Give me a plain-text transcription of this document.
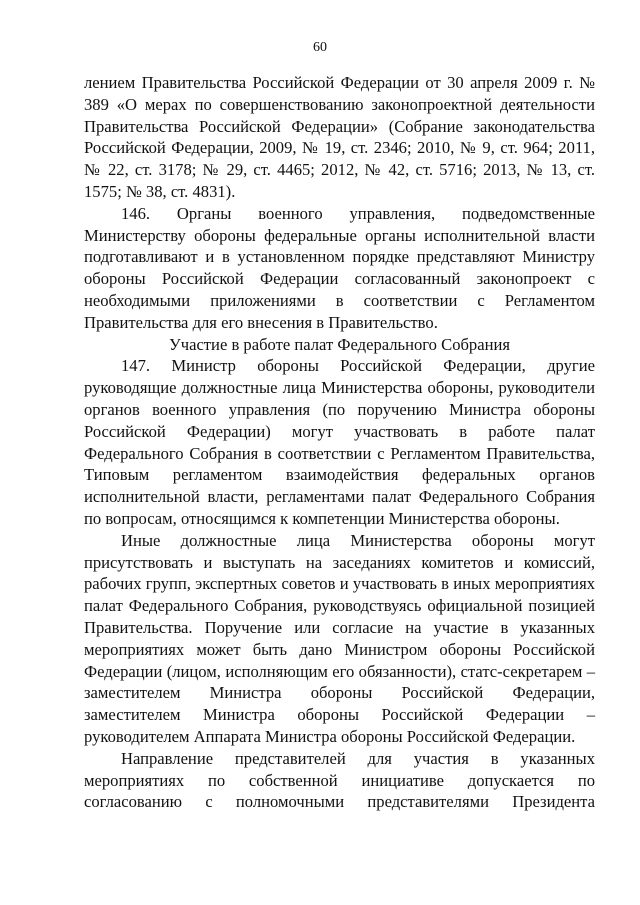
60

лением Правительства Российской Федерации от 30 апреля 2009 г. № 389 «О мерах по совершенствованию законопроектной деятельности Правительства Российской Федерации» (Собрание законодательства Российской Федерации, 2009, № 19, ст. 2346; 2010, № 9, ст. 964; 2011, № 22, ст. 3178; № 29, ст. 4465; 2012, № 42, ст. 5716; 2013, № 13, ст. 1575; № 38, ст. 4831).

146. Органы военного управления, подведомственные Министерству обороны федеральные органы исполнительной власти подготавливают и в установленном порядке представляют Министру обороны Российской Федерации согласованный законопроект с необходимыми приложениями в соответствии с Регламентом Правительства для его внесения в Правительство.

Участие в работе палат Федерального Собрания

147. Министр обороны Российской Федерации, другие руководящие должностные лица Министерства обороны, руководители органов военного управления (по поручению Министра обороны Российской Федерации) могут участвовать в работе палат Федерального Собрания в соответствии с Регламентом Правительства, Типовым регламентом взаимодействия федеральных органов исполнительной власти, регламентами палат Федерального Собрания по вопросам, относящимся к компетенции Министерства обороны.

Иные должностные лица Министерства обороны могут присутствовать и выступать на заседаниях комитетов и комиссий, рабочих групп, экспертных советов и участвовать в иных мероприятиях палат Федерального Собрания, руководствуясь официальной позицией Правительства. Поручение или согласие на участие в указанных мероприятиях может быть дано Министром обороны Российской Федерации (лицом, исполняющим его обязанности), статс-секретарем – заместителем Министра обороны Российской Федерации, заместителем Министра обороны Российской Федерации – руководителем Аппарата Министра обороны Российской Федерации.

Направление представителей для участия в указанных мероприятиях по собственной инициативе допускается по согласованию с полномочными представителями Президента
